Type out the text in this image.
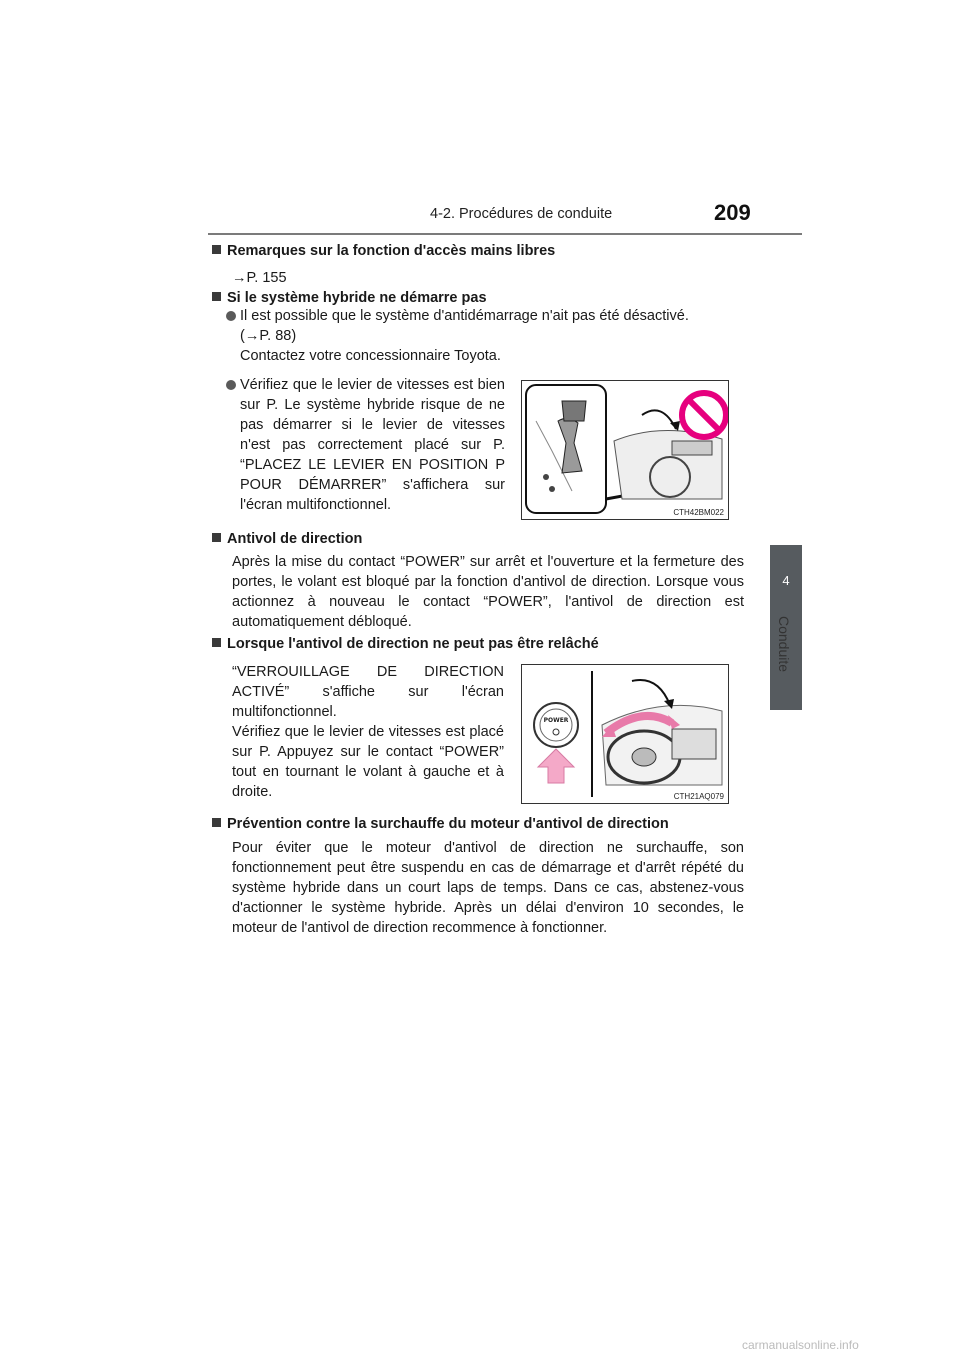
4-2. Procédures de conduite	209
4
Conduite
Remarques sur la fonction d'accès mains libres
→P. 155
Si le système hybride ne démarre pas
Il est possible que le système d'antidémarrage n'ait pas été désactivé. (→P. 88)
Contactez votre concessionnaire Toyota.
Vérifiez que le levier de vitesses est bien sur P. Le système hybride risque de ne pas démarrer si le levier de vitesses n'est pas correctement placé sur P. “PLACEZ LE LEVIER EN POSITION P POUR DÉMARRER” s'affichera sur l'écran multifonctionnel.	CTH42BM022
Antivol de direction
Après la mise du contact “POWER” sur arrêt et l'ouverture et la fermeture des portes, le volant est bloqué par la fonction d'antivol de direction. Lorsque vous actionnez à nouveau le contact “POWER”, l'antivol de direction est automatiquement débloqué.
Lorsque l'antivol de direction ne peut pas être relâché
“VERROUILLAGE DE DIRECTION ACTIVÉ” s'affiche sur l'écran multifonctionnel.
Vérifiez que le levier de vitesses est placé sur P. Appuyez sur le contact “POWER” tout en tournant le volant à gauche et à droite.
POWER
CTH21AQ079
Prévention contre la surchauffe du moteur d'antivol de direction
Pour éviter que le moteur d'antivol de direction ne surchauffe, son fonctionnement peut être suspendu en cas de démarrage et d'arrêt répété du système hybride dans un court laps de temps. Dans ce cas, abstenez-vous d'actionner le système hybride. Après un délai d'environ 10 secondes, le moteur de l'antivol de direction recommence à fonctionner.
carmanualsonline.info
